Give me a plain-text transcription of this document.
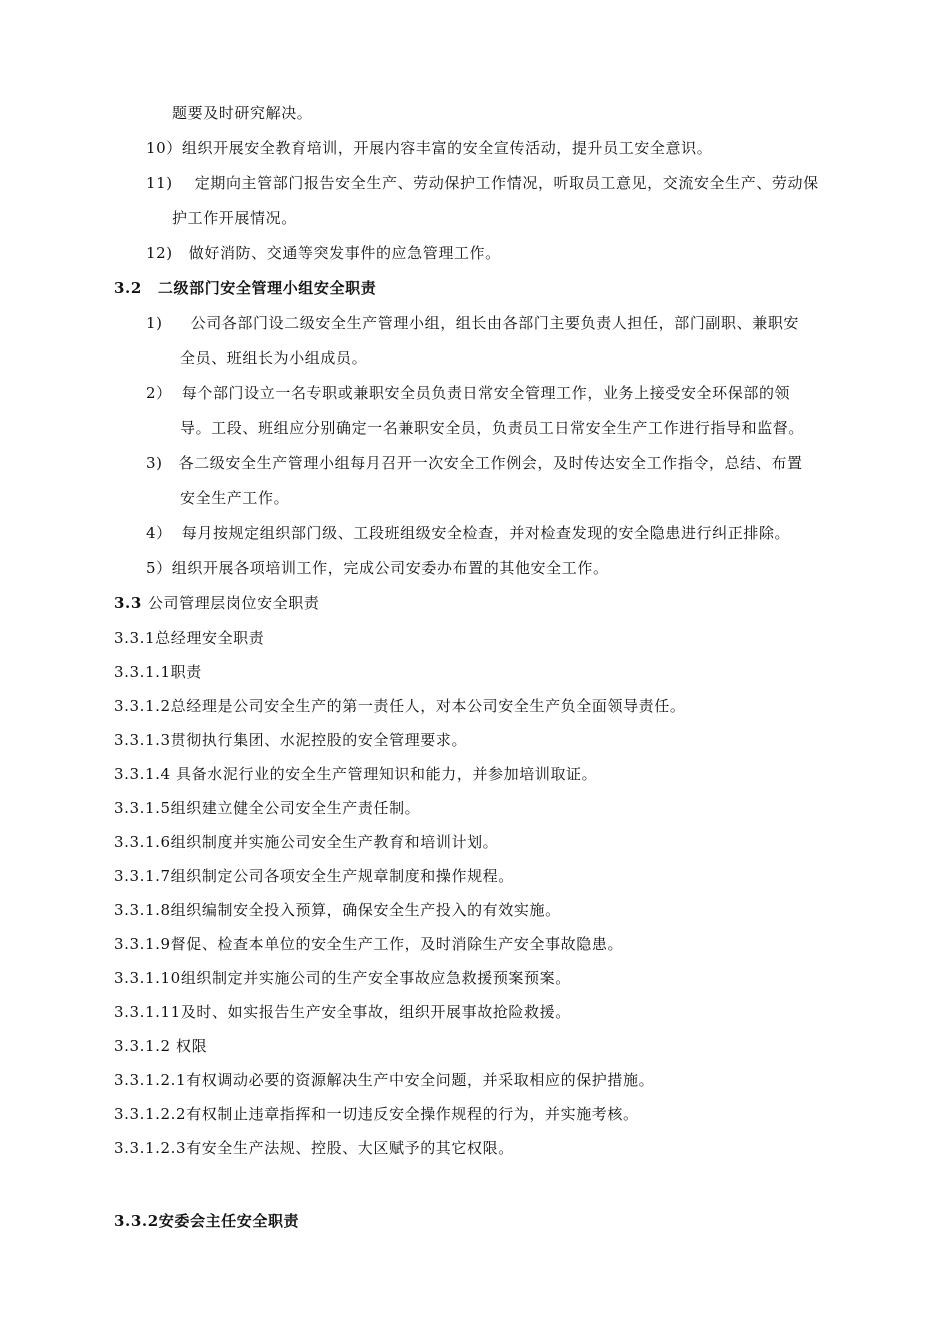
题要及时研究解决。
10）组织开展安全教育培训，开展内容丰富的安全宣传活动，提升员工安全意识。
11) 定期向主管部门报告安全生产、劳动保护工作情况，听取员工意见，交流安全生产、劳动保
护工作开展情况。
12) 做好消防、交通等突发事件的应急管理工作。
3.2 二级部门安全管理小组安全职责
1) 公司各部门设二级安全生产管理小组，组长由各部门主要负责人担任，部门副职、兼职安
全员、班组长为小组成员。
2） 每个部门设立一名专职或兼职安全员负责日常安全管理工作，业务上接受安全环保部的领
导。工段、班组应分别确定一名兼职安全员，负责员工日常安全生产工作进行指导和监督。
3) 各二级安全生产管理小组每月召开一次安全工作例会，及时传达安全工作指令，总结、布置
安全生产工作。
4） 每月按规定组织部门级、工段班组级安全检查，并对检查发现的安全隐患进行纠正排除。
5）组织开展各项培训工作，完成公司安委办布置的其他安全工作。
3.3 公司管理层岗位安全职责
3.3.1总经理安全职责
3.3.1.1职责
3.3.1.2总经理是公司安全生产的第一责任人，对本公司安全生产负全面领导责任。
3.3.1.3贯彻执行集团、水泥控股的安全管理要求。
3.3.1.4 具备水泥行业的安全生产管理知识和能力，并参加培训取证。
3.3.1.5组织建立健全公司安全生产责任制。
3.3.1.6组织制度并实施公司安全生产教育和培训计划。
3.3.1.7组织制定公司各项安全生产规章制度和操作规程。
3.3.1.8组织编制安全投入预算，确保安全生产投入的有效实施。
3.3.1.9督促、检查本单位的安全生产工作，及时消除生产安全事故隐患。
3.3.1.10组织制定并实施公司的生产安全事故应急救援预案预案。
3.3.1.11及时、如实报告生产安全事故，组织开展事故抢险救援。
3.3.1.2 权限
3.3.1.2.1有权调动必要的资源解决生产中安全问题，并采取相应的保护措施。
3.3.1.2.2有权制止违章指挥和一切违反安全操作规程的行为，并实施考核。
3.3.1.2.3有安全生产法规、控股、大区赋予的其它权限。
3.3.2安委会主任安全职责
